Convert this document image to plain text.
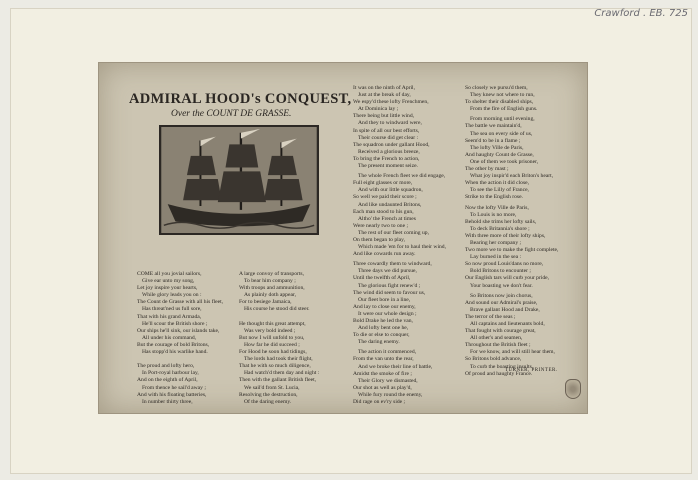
Crawford . EB. 725
ADMIRAL HOOD's CONQUEST,
Over the COUNT DE GRASSE.
COME all you jovial sailors,
Give ear unto my song,
Let joy inspire your hearts,
While glory leads you on :
The Count de Grasse with all his fleet,
Has threat'ned us full sore,
That with his grand Armada,
He'll scour the British shore ;
Our ships he'll sink, our islands take,
All under his command,
But the courage of bold Britons,
Has stopp'd his warlike hand.

The proud and lofty hero,
In Port-royal harbour lay,
And on the eighth of April,
From thence he sail'd away ;
And with his floating batteries,
In number thirty three,
A large convoy of transports,
To bear him company ;
With troops and ammunition,
As plainly doth appear,
For to besiege Jamaica,
His course he stood did steer.

He thought this great attempt,
Was very bold indeed ;
But now I will unfold to you,
How far he did succeed ;
For Hood he soon had tidings,
The lords had took their flight,
That he with so much diligence,
Had watch'd them day and night :
Then with the gallant British fleet,
We sail'd from St. Lucia,
Resolving the destruction,
Of the daring enemy.
It was on the ninth of April,
Just at the break of day,
We espy'd these lofty Frenchmen,
At Dominica lay ;
There being but little wind,
And they to windward were,
In spite of all our best efforts,
Their course did get clear :
The squadron under gallant Hood,
Received a glorious breeze,
To bring the French to action,
The present moment seize.

The whole French fleet we did engage,
Full eight glasses or more,
And with our little squadron,
So well we paid their score ;
And like undaunted Britons,
Each man stood to his gun,
Altho' the French at times
Were nearly two to one ;
The rest of our fleet coming up,
On them began to play,
Which made 'em for to haul their wind,
And like cowards run away.

Three cowardly them to windward,
Three days we did pursue,
Until the twelfth of April,
The glorious fight renew'd ;
The wind did seem to favour us,
Our fleet bore in a line,
And lay to close our enemy,
It were our whole design ;
Bold Drake he led the van,
And lofty bent one he,
To die or else to conquer,
The daring enemy.

The action it commenced,
From the van unto the rear,
And we broke their line of battle,
Amidst the smoke of fire ;
Their Glory we dismasted,
Our shot as well as play'd,
While fury round the enemy,
Did rage on ev'ry side ;
So closely we pursu'd them,
They knew not where to run,
To shelter their disabled ships,
From the fire of English guns.

From morning until evening,
The battle we maintain'd,
The sea on every side of us,
Seem'd to be in a flame ;
The lofty Ville de Paris,
And haughty Count de Grasse,
One of them we took prisoner,
The other by mast ;
What joy inspir'd each Briton's heart,
When the action it did close,
To see the Lilly of France,
Strike to the English rose.

Now the lofty Ville de Paris,
To Louis is no more,
Behold she trims her lofty sails,
To deck Britannia's shore ;
With three more of their lofty ships,
Bearing her company ;
Two more we to make the fight complete,
Lay burned in the sea :
So now proud Louis'dans no more,
Bold Britons to encounter ;
Our English tars will curb your pride,
Your boasting we don't fear.

So Britons now join chorus,
And sound our Admiral's praise,
Brave gallant Hood and Drake,
The terror of the seas ;
All captains and lieutenants bold,
That fought with courage great,
All other's and seamen,
Throughout the British fleet ;
For we know, and will still hear them,
So Britons bold advance,
To curb the boasting insults,
Of proud and haughty France.
TURNER, PRINTER.
